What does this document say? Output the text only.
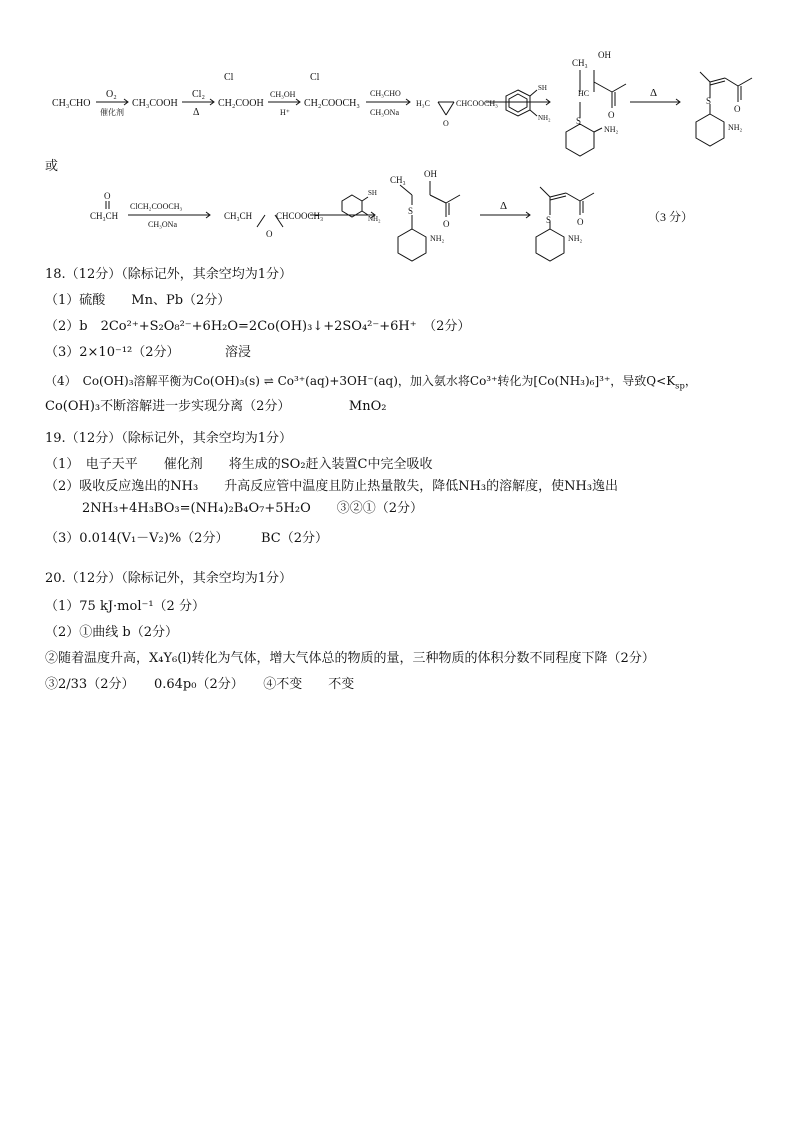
CH₃CHO
O₂
催化剂
CH₃COOH
Cl₂
Δ
Cl
CH₂COOH
CH₃OH
H⁺
Cl
CH₂COOCH₃
CH₃CHO
CH₃ONa
H₃C	CHCOOCH₃
O
SH
NH₂
CH₃
OH
HC
S
O
NH₂
Δ
O
S
NH₂
或
O
CH₃CH
ClCH₂COOCH₃
CH₃ONa
CH₃CH	CHCOOCH₃
O
SH
NH₂
CH₃
OH
S
O
NH₂
Δ
O
S
NH₂
（3 分）
18.（12分）（除标记外，其余空均为1分）
（1）硫酸　　Mn、Pb（2分）
（2）b　2Co²⁺+S₂O₈²⁻+6H₂O=2Co(OH)₃↓+2SO₄²⁻+6H⁺　（2分）
（3）2×10⁻¹²（2分）　　　　溶浸
（4）　Co(OH)₃溶解平衡为Co(OH)₃(s) ⇌ Co³⁺(aq)+3OH⁻(aq)，加入氨水将Co³⁺转化为[Co(NH₃)₆]³⁺，导致$Q<K_{sp}$，
Co(OH)₃不断溶解进一步实现分离（2分）　　　　　MnO₂
19.（12分）（除标记外，其余空均为1分）
（1）　电子天平　　催化剂　　将生成的SO₂赶入装置C中完全吸收
（2）吸收反应逸出的NH₃　　升高反应管中温度且防止热量散失，降低NH₃的溶解度，使NH₃逸出
2NH₃+4H₃BO₃=(NH₄)₂B₄O₇+5H₂O　　③②①（2分）
（3）0.014(V₁－V₂)%（2分）　　　BC（2分）
20.（12分）（除标记外，其余空均为1分）
（1）75 kJ·mol⁻¹（2 分）
（2）①曲线 b（2分）
②随着温度升高，X₄Y₆(l)转化为气体，增大气体总的物质的量，三种物质的体积分数不同程度下降（2分）
③2/33（2分）　　0.64p₀（2分）　　④不变　　不变
